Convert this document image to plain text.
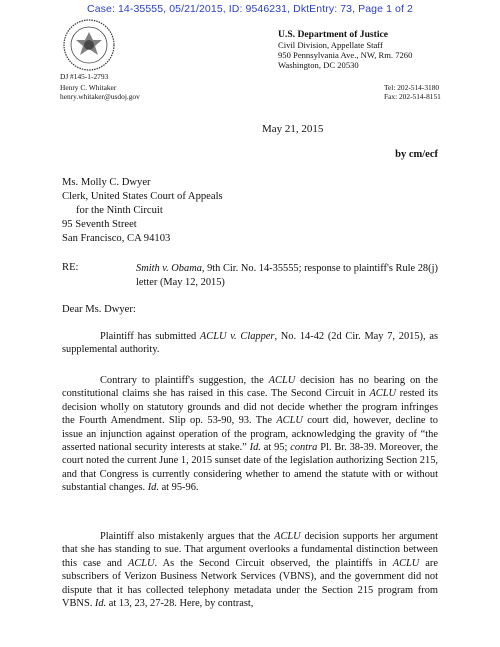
Case: 14-35555, 05/21/2015, ID: 9546231, DktEntry: 73, Page 1 of 2
U.S. Department of Justice
Civil Division, Appellate Staff
950 Pennsylvania Ave., NW, Rm. 7260
Washington, DC 20530
DJ #145-1-2793
Henry C. Whitaker
henry.whitaker@usdoj.gov
Tel: 202-514-3180
Fax: 202-514-8151
May 21, 2015
by cm/ecf
Ms. Molly C. Dwyer
Clerk, United States Court of Appeals
for the Ninth Circuit
95 Seventh Street
San Francisco, CA 94103
RE:	Smith v. Obama, 9th Cir. No. 14-35555; response to plaintiff's Rule 28(j) letter (May 12, 2015)
Dear Ms. Dwyer:

Plaintiff has submitted ACLU v. Clapper, No. 14-42 (2d Cir. May 7, 2015), as supplemental authority.

Contrary to plaintiff's suggestion, the ACLU decision has no bearing on the constitutional claims she has raised in this case. The Second Circuit in ACLU rested its decision wholly on statutory grounds and did not decide whether the program infringes the Fourth Amendment. Slip op. 53-90, 93. The ACLU court did, however, decline to issue an injunction against operation of the program, acknowledging the gravity of “the asserted national security interests at stake.” Id. at 95; contra Pl. Br. 38-39. Moreover, the court noted the current June 1, 2015 sunset date of the legislation authorizing Section 215, and that Congress is currently considering whether to amend the statute with or without substantial changes. Id. at 95-96.

Plaintiff also mistakenly argues that the ACLU decision supports her argument that she has standing to sue. That argument overlooks a fundamental distinction between this case and ACLU. As the Second Circuit observed, the plaintiffs in ACLU are subscribers of Verizon Business Network Services (VBNS), and the government did not dispute that it has collected telephony metadata under the Section 215 program from VBNS. Id. at 13, 23, 27-28. Here, by contrast,
